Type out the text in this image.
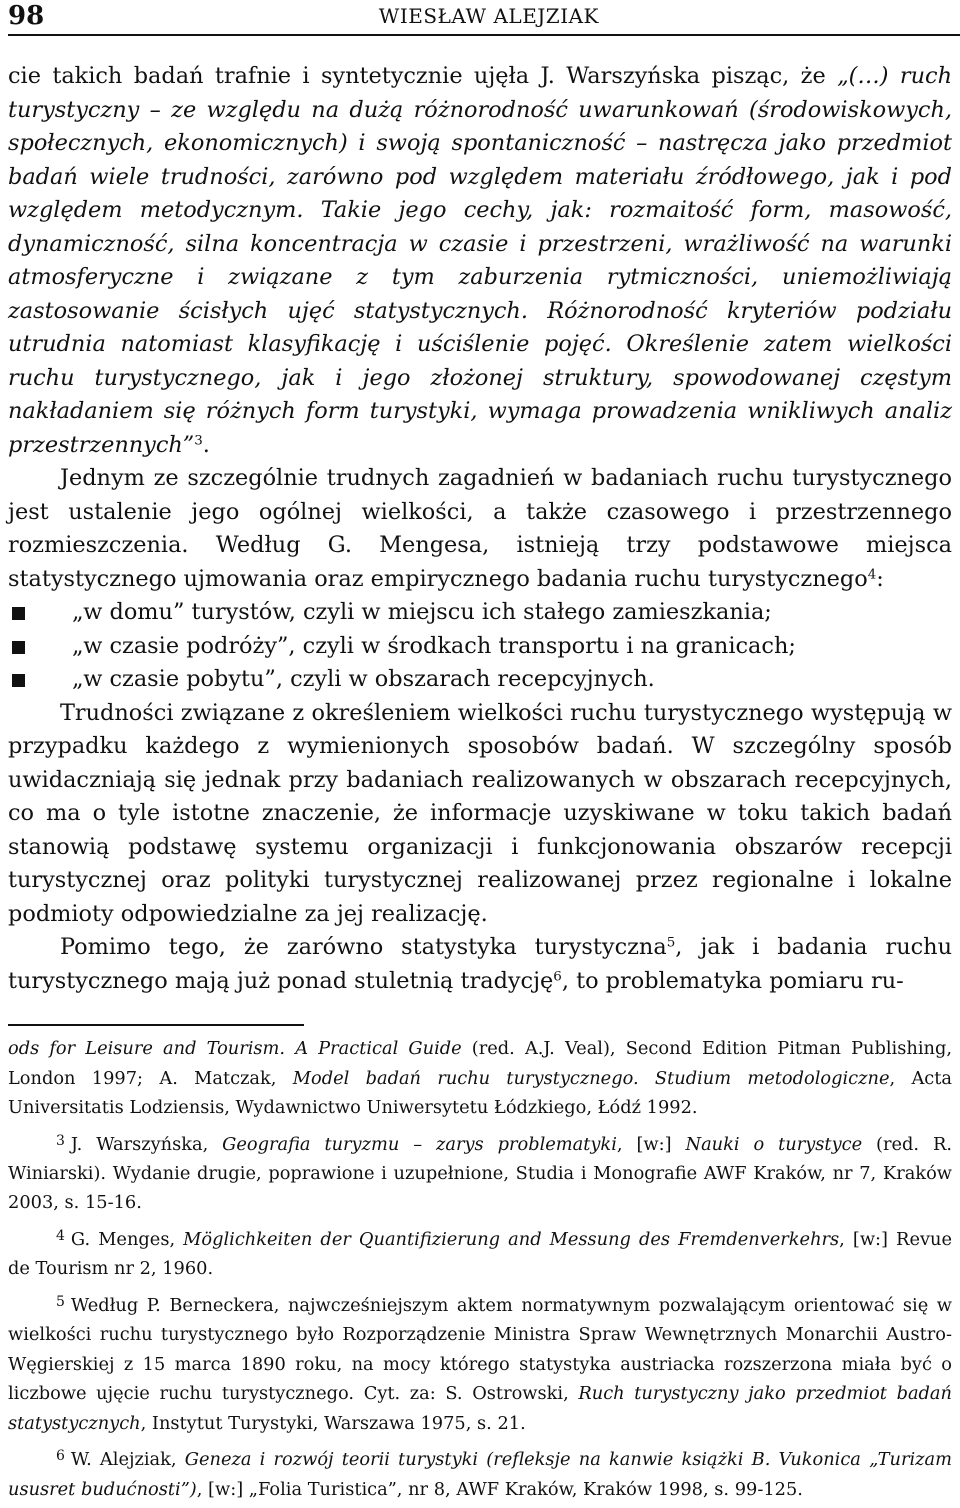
98	WIESŁAW ALEJZIAK

cie takich badań trafnie i syntetycznie ujęła J. Warszyńska pisząc, że „(…) ruch turystyczny – ze względu na dużą różnorodność uwarunkowań (środowiskowych, społecznych, ekonomicznych) i swoją spontaniczność – nastręcza jako przedmiot badań wiele trudności, zarówno pod względem materiału źródłowego, jak i pod względem metodycznym. Takie jego cechy, jak: rozmaitość form, masowość, dynamiczność, silna koncentracja w czasie i przestrzeni, wrażliwość na warunki atmosferyczne i związane z tym zaburzenia rytmiczności, uniemożliwiają zastosowanie ścisłych ujęć statystycznych. Różnorodność kryteriów podziału utrudnia natomiast klasyfikację i uściślenie pojęć. Określenie zatem wielkości ruchu turystycznego, jak i jego złożonej struktury, spowodowanej częstym nakładaniem się różnych form turystyki, wymaga prowadzenia wnikliwych analiz przestrzennych”$^3$.

Jednym ze szczególnie trudnych zagadnień w badaniach ruchu turystycznego jest ustalenie jego ogólnej wielkości, a także czasowego i przestrzennego rozmieszczenia. Według G. Mengesa, istnieją trzy podstawowe miejsca statystycznego ujmowania oraz empirycznego badania ruchu turystycznego$^4$:

„w domu” turystów, czyli w miejscu ich stałego zamieszkania;
„w czasie podróży”, czyli w środkach transportu i na granicach;
„w czasie pobytu”, czyli w obszarach recepcyjnych.

Trudności związane z określeniem wielkości ruchu turystycznego występują w przypadku każdego z wymienionych sposobów badań. W szczególny sposób uwidaczniają się jednak przy badaniach realizowanych w obszarach recepcyjnych, co ma o tyle istotne znaczenie, że informacje uzyskiwane w toku takich badań stanowią podstawę systemu organizacji i funkcjonowania obszarów recepcji turystycznej oraz polityki turystycznej realizowanej przez regionalne i lokalne podmioty odpowiedzialne za jej realizację.

Pomimo tego, że zarówno statystyka turystyczna$^5$, jak i badania ruchu turystycznego mają już ponad stuletnią tradycję$^6$, to problematyka pomiaru ru-

ods for Leisure and Tourism. A Practical Guide (red. A.J. Veal), Second Edition Pitman Publishing, London 1997; A. Matczak, Model badań ruchu turystycznego. Studium metodologiczne, Acta Universitatis Lodziensis, Wydawnictwo Uniwersytetu Łódzkiego, Łódź 1992.

$^3$ J. Warszyńska, Geografia turyzmu – zarys problematyki, [w:] Nauki o turystyce (red. R. Winiarski). Wydanie drugie, poprawione i uzupełnione, Studia i Monografie AWF Kraków, nr 7, Kraków 2003, s. 15-16.

$^4$ G. Menges, Möglichkeiten der Quantifizierung and Messung des Fremdenverkehrs, [w:] Revue de Tourism nr 2, 1960.

$^5$ Według P. Berneckera, najwcześniejszym aktem normatywnym pozwalającym orientować się w wielkości ruchu turystycznego było Rozporządzenie Ministra Spraw Wewnętrznych Monarchii Austro-Węgierskiej z 15 marca 1890 roku, na mocy którego statystyka austriacka rozszerzona miała być o liczbowe ujęcie ruchu turystycznego. Cyt. za: S. Ostrowski, Ruch turystyczny jako przedmiot badań statystycznych, Instytut Turystyki, Warszawa 1975, s. 21.

$^6$ W. Alejziak, Geneza i rozwój teorii turystyki (refleksje na kanwie książki B. Vukonica „Turizam ususret budućnosti”), [w:] „Folia Turistica”, nr 8, AWF Kraków, Kraków 1998, s. 99-125.
